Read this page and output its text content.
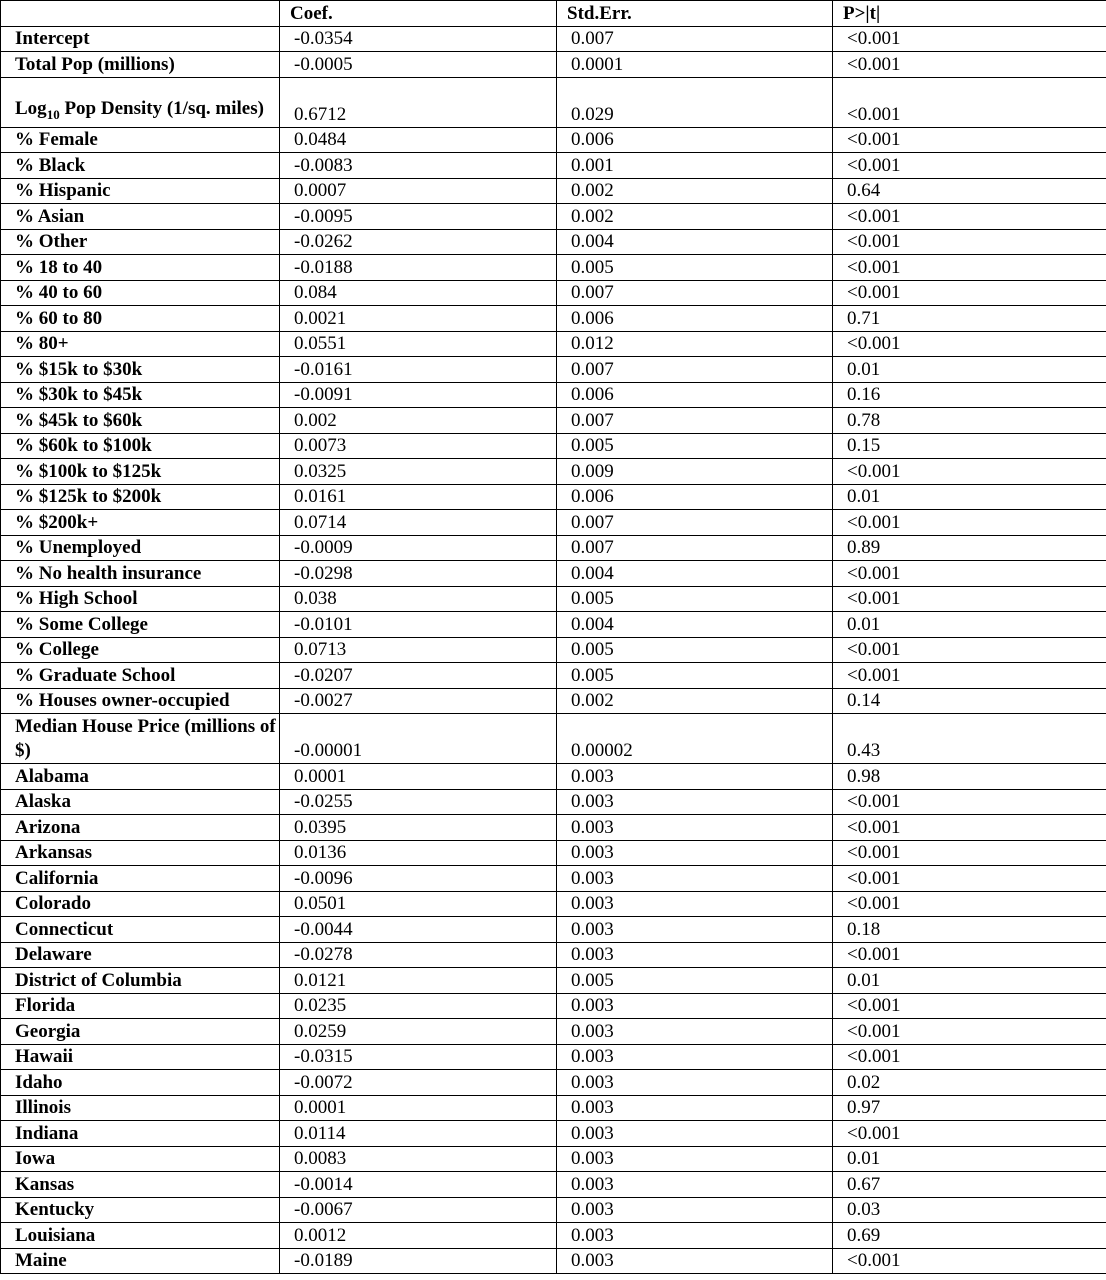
	Coef.	Std.Err.	P>|t|
Intercept	-0.0354	0.007	<0.001
Total Pop (millions)	-0.0005	0.0001	<0.001
Log$_{10}$ Pop Density (1/sq. miles)	0.6712	0.029	<0.001
% Female	0.0484	0.006	<0.001
% Black	-0.0083	0.001	<0.001
% Hispanic	0.0007	0.002	0.64
% Asian	-0.0095	0.002	<0.001
% Other	-0.0262	0.004	<0.001
% 18 to 40	-0.0188	0.005	<0.001
% 40 to 60	0.084	0.007	<0.001
% 60 to 80	0.0021	0.006	0.71
% 80+	0.0551	0.012	<0.001
% $15k to $30k	-0.0161	0.007	0.01
% $30k to $45k	-0.0091	0.006	0.16
% $45k to $60k	0.002	0.007	0.78
% $60k to $100k	0.0073	0.005	0.15
% $100k to $125k	0.0325	0.009	<0.001
% $125k to $200k	0.0161	0.006	0.01
% $200k+	0.0714	0.007	<0.001
% Unemployed	-0.0009	0.007	0.89
% No health insurance	-0.0298	0.004	<0.001
% High School	0.038	0.005	<0.001
% Some College	-0.0101	0.004	0.01
% College	0.0713	0.005	<0.001
% Graduate School	-0.0207	0.005	<0.001
% Houses owner-occupied	-0.0027	0.002	0.14
Median House Price (millions of $)	-0.00001	0.00002	0.43
Alabama	0.0001	0.003	0.98
Alaska	-0.0255	0.003	<0.001
Arizona	0.0395	0.003	<0.001
Arkansas	0.0136	0.003	<0.001
California	-0.0096	0.003	<0.001
Colorado	0.0501	0.003	<0.001
Connecticut	-0.0044	0.003	0.18
Delaware	-0.0278	0.003	<0.001
District of Columbia	0.0121	0.005	0.01
Florida	0.0235	0.003	<0.001
Georgia	0.0259	0.003	<0.001
Hawaii	-0.0315	0.003	<0.001
Idaho	-0.0072	0.003	0.02
Illinois	0.0001	0.003	0.97
Indiana	0.0114	0.003	<0.001
Iowa	0.0083	0.003	0.01
Kansas	-0.0014	0.003	0.67
Kentucky	-0.0067	0.003	0.03
Louisiana	0.0012	0.003	0.69
Maine	-0.0189	0.003	<0.001
